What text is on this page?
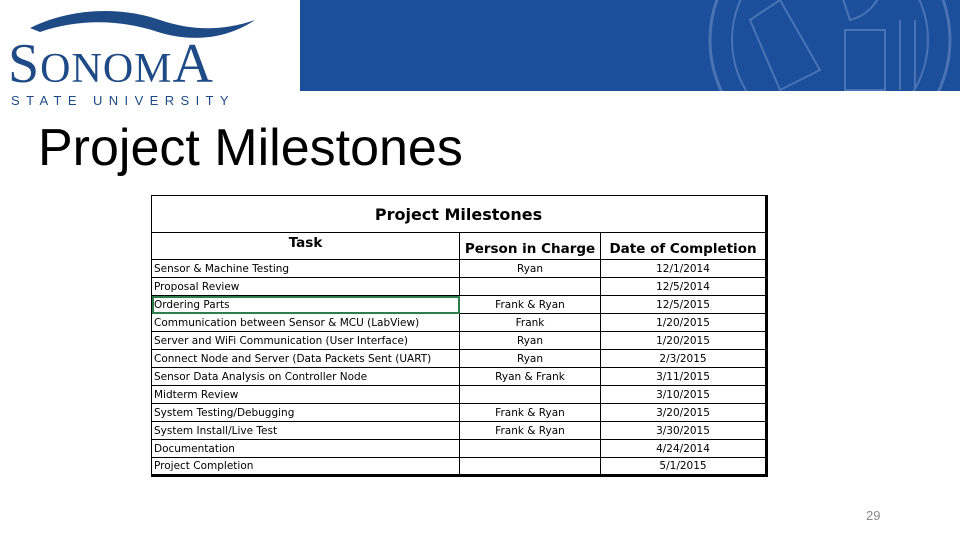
SONOMA
STATE UNIVERSITY
Project Milestones
Project Milestones		
Task	Person in Charge	Date of Completion
Sensor & Machine Testing	Ryan	12/1/2014
Proposal Review		12/5/2014
Ordering Parts	Frank & Ryan	12/5/2015
Communication between Sensor & MCU (LabView)	Frank	1/20/2015
Server and WiFi Communication (User Interface)	Ryan	1/20/2015
Connect Node and Server (Data Packets Sent (UART)	Ryan	2/3/2015
Sensor Data Analysis on Controller Node	Ryan & Frank	3/11/2015
Midterm Review		3/10/2015
System Testing/Debugging	Frank & Ryan	3/20/2015
System Install/Live Test	Frank & Ryan	3/30/2015
Documentation		4/24/2014
Project Completion		5/1/2015
29
